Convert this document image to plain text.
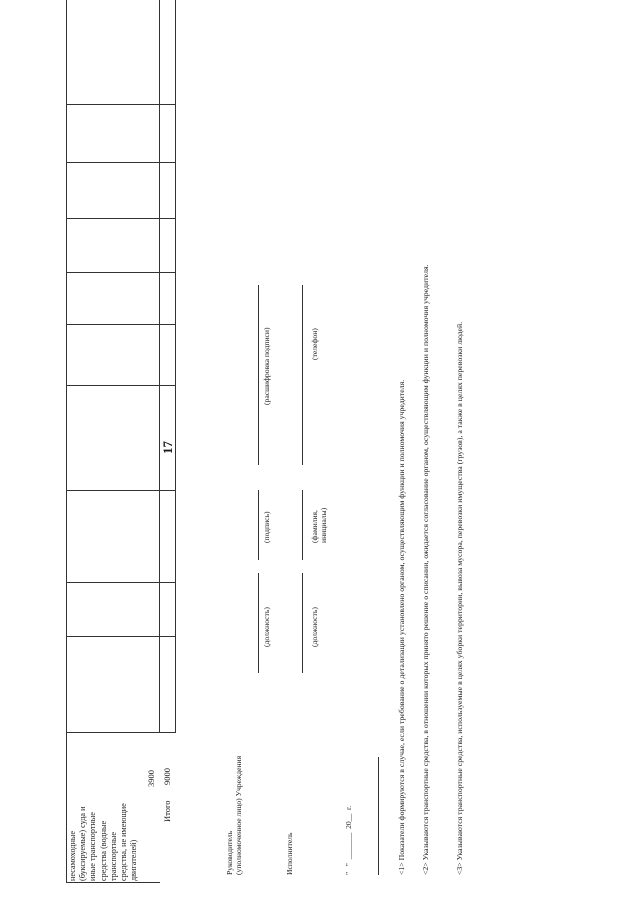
17
несамоходные
(буксируемые) суда и
иные транспортные
средства (водные
транспортные
средства, не имеющие
двигателей)
3900
Итого
9000
Руководитель
(уполномоченное лицо) Учреждения
(должность)
(подпись)
(расшифровка подписи)
Исполнитель
(должность)
(фамилия,
инициалы)
(телефон)
"   "  _______  20__  г.	<1> Показатели формируются в случае, если требование о детализации установлено органом, осуществляющим функции и полномочия учредителя. <2> Указываются транспортные средства, в отношении которых принято решение о списании, ожидается согласование органом, осуществляющим функции и полномочия учредителя.	<3> Указываются транспортные средства, используемые в целях уборки территории, вывоза мусора, перевозки имущества (грузов), а также в целях перевозки людей.
